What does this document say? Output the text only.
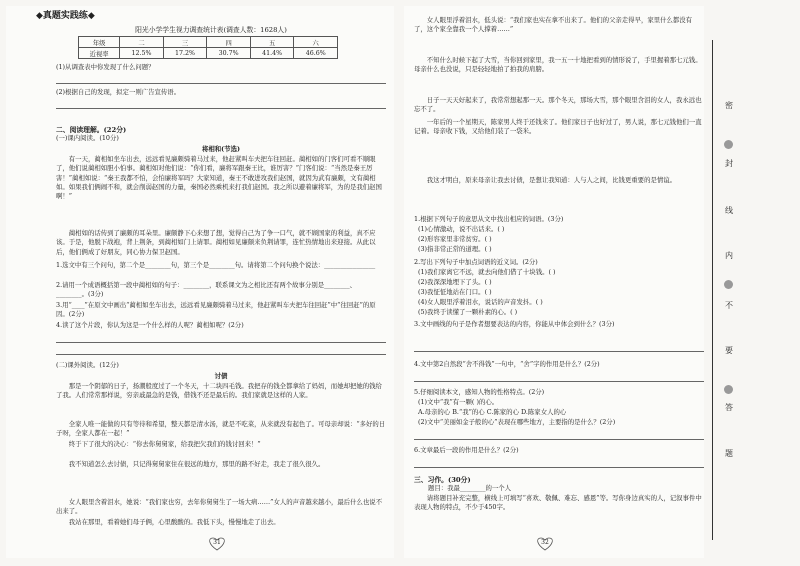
◆真题实践练◆
阳光小学学生视力调查统计表(调查人数：1628人)
年级	二	三	四	五	六
近视率	12.5%	17.2%	30.7%	41.4%	46.6%
(1)从调查表中你发现了什么问题？
(2)根据自己的发现，拟定一则广告宣传语。
二、阅读理解。(22分)
(一)课内阅读。(10分)
将相和(节选)
有一天，蔺相如坐车出去，远远看见廉颇骑着马过来，他赶紧叫车夫把车往回赶。蔺相如的门客们可看不顺眼了，他们说蔺相如胆小怕事。蔺相如对他们说：“你们看，廉将军跟秦王比，谁厉害？”门客们说：“当然是秦王厉害！”蔺相如说：“秦王我都不怕，会怕廉将军吗？大家知道，秦王不敢进攻我们赵国，就因为武有廉颇，文有蔺相如。如果我们俩闹不和，就会削弱赵国的力量，秦国必然乘机来打我们赵国。我之所以避着廉将军，为的是我们赵国啊！”
蔺相如的话传到了廉颇的耳朵里。廉颇静下心来想了想，觉得自己为了争一口气，就不顾国家的利益，真不应该。于是，他脱下战袍，背上荆条，到蔺相如门上请罪。蔺相如见廉颇来负荆请罪，连忙热情地出来迎接。从此以后，他们俩成了好朋友，同心协力保卫赵国。
1.选文中有三个问句，第二个是________句，第三个是________句。请将第二个问句换个说法：________________
2.请用一个成语概括第一段中蔺相如的句子：________，联系课文为之相比还有两个故事分别是________、________。(3分)
3.用“____”在原文中画出“蔺相如坐车出去，远远看见廉颇骑着马过来，他赶紧叫车夫把车往回赶”中“往回赶”的原因。(2分)
4.读了这个片段，你认为这是一个什么样的人呢？蔺相如呢？(2分)
(二)课外阅读。(12分)
讨债
那是一个阴郁的日子，扬潮般度过了一个冬天，十二块四毛钱。我把存的钱全都拿给了妈妈，而她却把她的钱给了我。人们常常那样说，穷亲戚最急的是钱，借钱不还是最后的。我们家就是这样的人家。
全家人唯一能做的只有等待和希望，整天都是清水汤，就是不吃菜，从来就没有起色了。可母亲却说：“多好的日子呀，全家人都在一起！”
终于下了很大的决心：“你去你舅舅家，给我把欠我们的钱讨回来！”
我不知道怎么去讨债，只记得舅舅家住在很远的地方，那里的路不好走，我走了很久很久。
女人眼里含着泪水，她说：“我们家也穷，去年你舅舅生了一场大病……”女人的声音越来越小，最后什么也说不出来了。
我站在那里，看着她们母子俩，心里酸酸的。我低下头，慢慢地走了出去。
31
女人眼里浮着泪水，低头说：“我们家也实在拿不出来了。他们的父亲走得早，家里什么都没有了，这个家全靠我一个人撑着……”
不知什么时候下起了大雪，当你回到家里，我一五一十地把看到的情形说了，手里握着那七元钱。母亲什么也没说，只是轻轻地拍了拍我的肩膀。
日子一天天好起来了，我常常想起那一天。那个冬天，那场大雪，那个眼里含泪的女人，我永远也忘不了。
一年后的一个星期天，陈家男人终于还钱来了。他们家日子也好过了，男人说，那七元钱他们一直记着。母亲收下钱，又给他们装了一袋米。
我这才明白，原来母亲让我去讨债，是想让我知道：人与人之间，比钱更重要的是情谊。
1.根据下列句子的意思从文中找出相应的词语。(3分)
(1)心情激动，说不出话来。( )
(2)形容家里非常贫穷。( )
(3)指非常正常的道理。( )
2.写出下列句子中加点词语的近义词。(2分)
(1)我们家离它不远，就去向他们借了十块钱。( )
(2)我深深地埋下了头。( )
(3)我怔怔地站在门口。( )
(4)女人眼里浮着泪水，说话的声音发抖。( )
(5)我终于读懂了一颗朴素的心。( )
3.文中画线的句子是作者想要表达的内容，你能从中体会到什么？(3分)
4.文中第2自然段“舍不得钱”一句中，“舍”字的作用是什么？(2分)
5.仔细阅读本文，感知人物的性格特点。(2分)
(1)文中“我”有一颗( )的心。
A.母亲的心 B.“我”的心 C.陈家的心 D.陈家女人的心
(2)文中“美丽如金子般的心”表现在哪些地方，主要指的是什么？(2分)
6.文章最后一段的作用是什么？(2分)
三、习作。(30分)
题目：我最________的一个人
请将题目补充完整，横线上可填写“喜欢、敬佩、难忘、感恩”等。写你身边真实的人，记叙事件中表现人物的特点，不少于450字。
32
密
封
线
内
不
要
答
题
